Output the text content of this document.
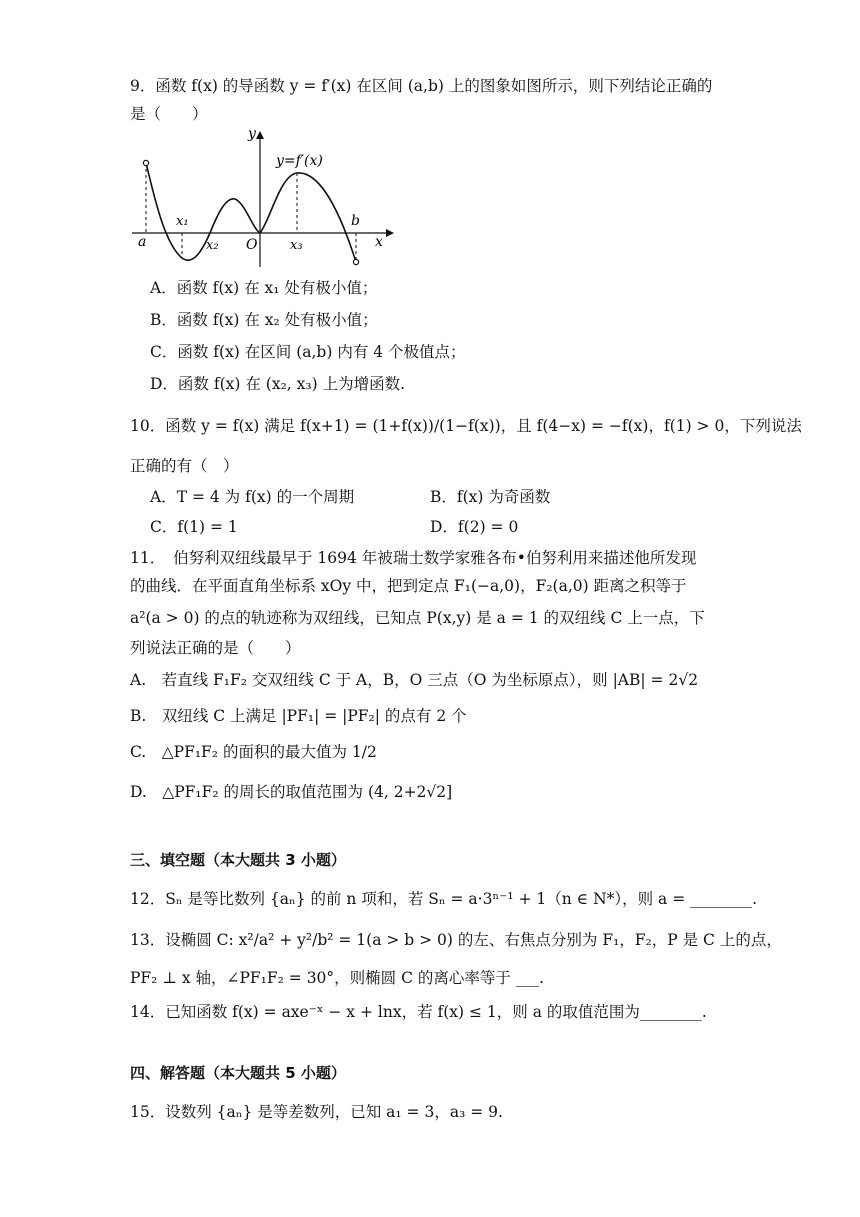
9．函数 f(x) 的导函数 y = f′(x) 在区间 (a,b) 上的图象如图所示，则下列结论正确的
是（　　）
y
x
y=f′(x)
a
b
x₁
x₂ O	x₃
A．函数 f(x) 在 x₁ 处有极小值；
B．函数 f(x) 在 x₂ 处有极小值；
C．函数 f(x) 在区间 (a,b) 内有 4 个极值点；
D．函数 f(x) 在 (x₂, x₃) 上为增函数.
10．函数 y = f(x) 满足 f(x+1) = (1+f(x))/(1−f(x))，且 f(4−x) = −f(x)，f(1) > 0，下列说法
正确的有（　）
A．T = 4 为 f(x) 的一个周期	B．f(x) 为奇函数
C．f(1) = 1	D．f(2) = 0
11．　伯努利双纽线最早于 1694 年被瑞士数学家雅各布•伯努利用来描述他所发现
的曲线．在平面直角坐标系 xOy 中，把到定点 F₁(−a,0)，F₂(a,0) 距离之积等于
a²(a > 0) 的点的轨迹称为双纽线，已知点 P(x,y) 是 a = 1 的双纽线 C 上一点，下
列说法正确的是（　　）
A.　若直线 F₁F₂ 交双纽线 C 于 A，B，O 三点（O 为坐标原点），则 |AB| = 2√2
B.　双纽线 C 上满足 |PF₁| = |PF₂| 的点有 2 个
C.　△PF₁F₂ 的面积的最大值为 1/2
D.　△PF₁F₂ 的周长的取值范围为 (4, 2+2√2]
三、填空题（本大题共 3 小题）
12．Sₙ 是等比数列 {aₙ} 的前 n 项和，若 Sₙ = a·3ⁿ⁻¹ + 1（n ∈ N*），则 a = ________.
13．设椭圆 C: x²/a² + y²/b² = 1(a > b > 0) 的左、右焦点分别为 F₁，F₂，P 是 C 上的点，
PF₂ ⊥ x 轴，∠PF₁F₂ = 30°，则椭圆 C 的离心率等于 ___.
14．已知函数 f(x) = axe⁻ˣ − x + lnx，若 f(x) ≤ 1，则 a 的取值范围为________.
四、解答题（本大题共 5 小题）
15．设数列 {aₙ} 是等差数列，已知 a₁ = 3，a₃ = 9.
